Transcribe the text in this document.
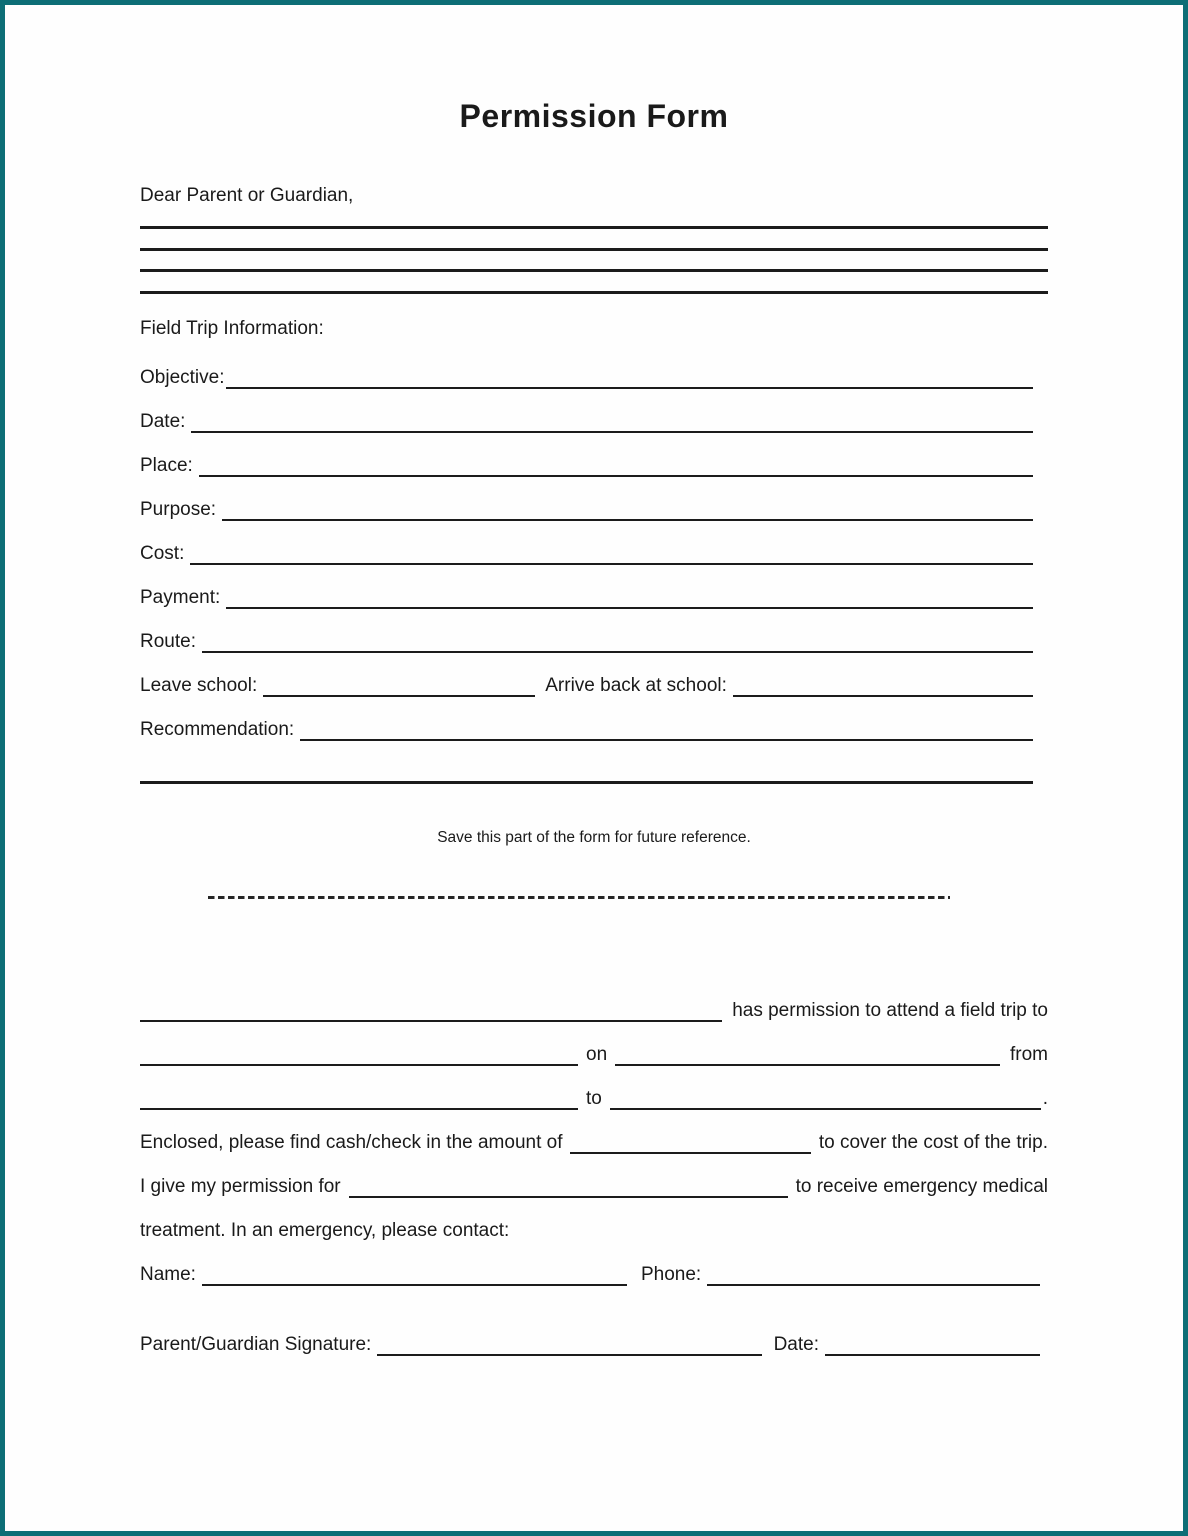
Permission Form
Dear Parent or Guardian,
Field Trip Information:
Objective:
Date:
Place:
Purpose:
Cost:
Payment:
Route:
Leave school:	Arrive back at school:
Recommendation:
Save this part of the form for future reference.
has permission to attend a field trip to
on	from
to	.
Enclosed, please find cash/check in the amount of	to cover the cost of the trip.
I give my permission for	to receive emergency medical
treatment. In an emergency, please contact:
Name:	Phone:
Parent/Guardian Signature:	Date:
